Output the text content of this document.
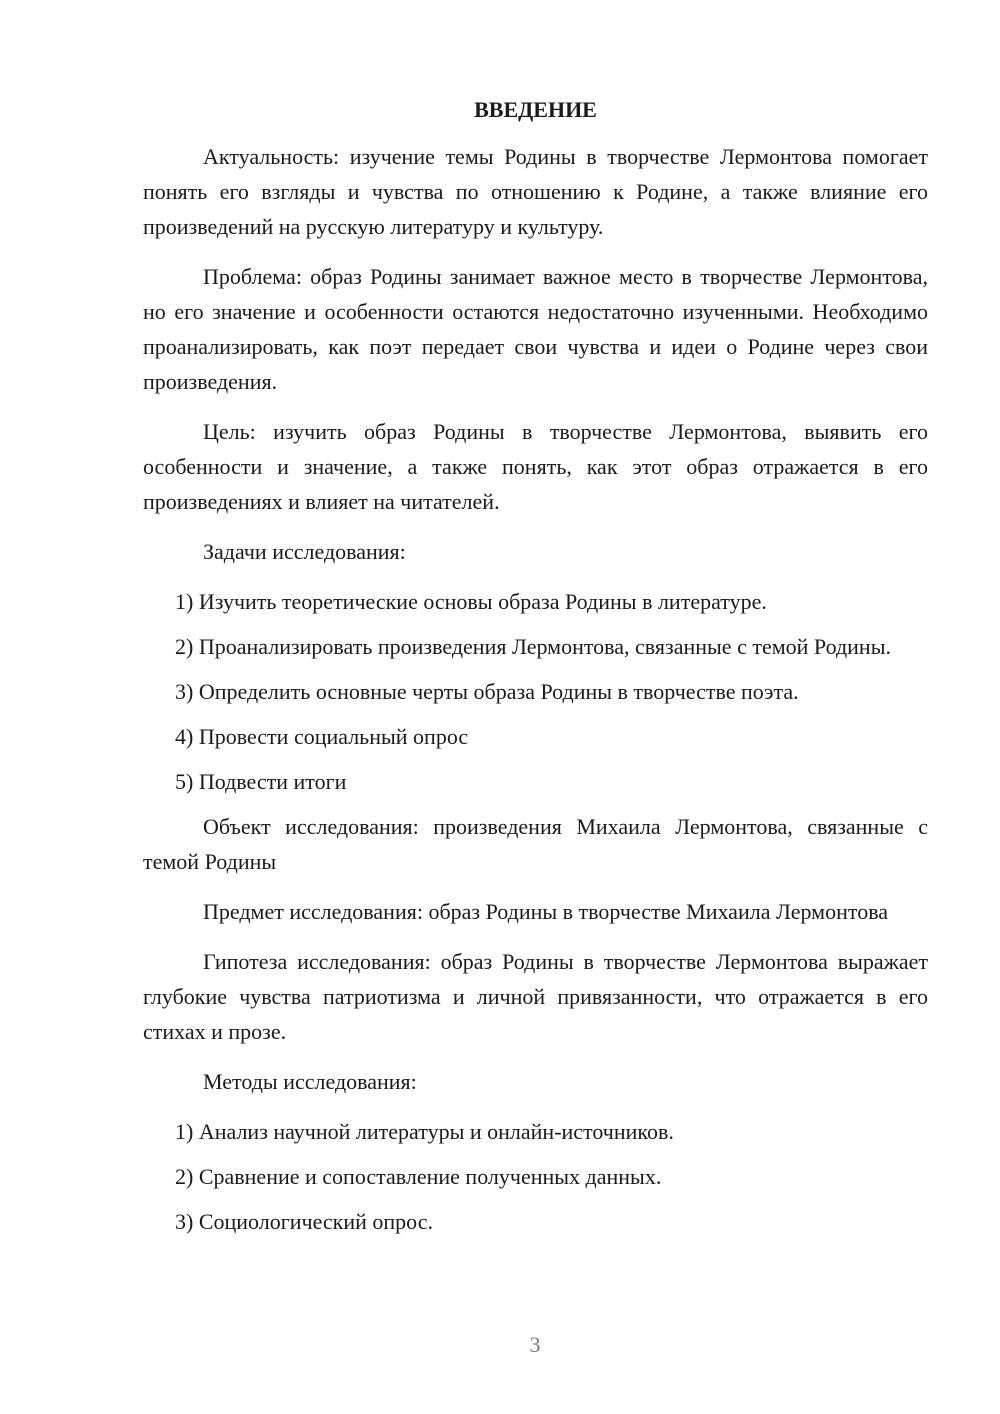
ВВЕДЕНИЕ

Актуальность: изучение темы Родины в творчестве Лермонтова помогает понять его взгляды и чувства по отношению к Родине, а также влияние его произведений на русскую литературу и культуру.

Проблема: образ Родины занимает важное место в творчестве Лермонтова, но его значение и особенности остаются недостаточно изученными. Необходимо проанализировать, как поэт передает свои чувства и идеи о Родине через свои произведения.

Цель: изучить образ Родины в творчестве Лермонтова, выявить его особенности и значение, а также понять, как этот образ отражается в его произведениях и влияет на читателей.

Задачи исследования:

1) Изучить теоретические основы образа Родины в литературе.

2) Проанализировать произведения Лермонтова, связанные с темой Родины.

3) Определить основные черты образа Родины в творчестве поэта.

4) Провести социальный опрос

5) Подвести итоги

Объект исследования: произведения Михаила Лермонтова, связанные с темой Родины

Предмет исследования: образ Родины в творчестве Михаила Лермонтова

Гипотеза исследования: образ Родины в творчестве Лермонтова выражает глубокие чувства патриотизма и личной привязанности, что отражается в его стихах и прозе.

Методы исследования:

1) Анализ научной литературы и онлайн-источников.

2) Сравнение и сопоставление полученных данных.

3) Социологический опрос.

3
